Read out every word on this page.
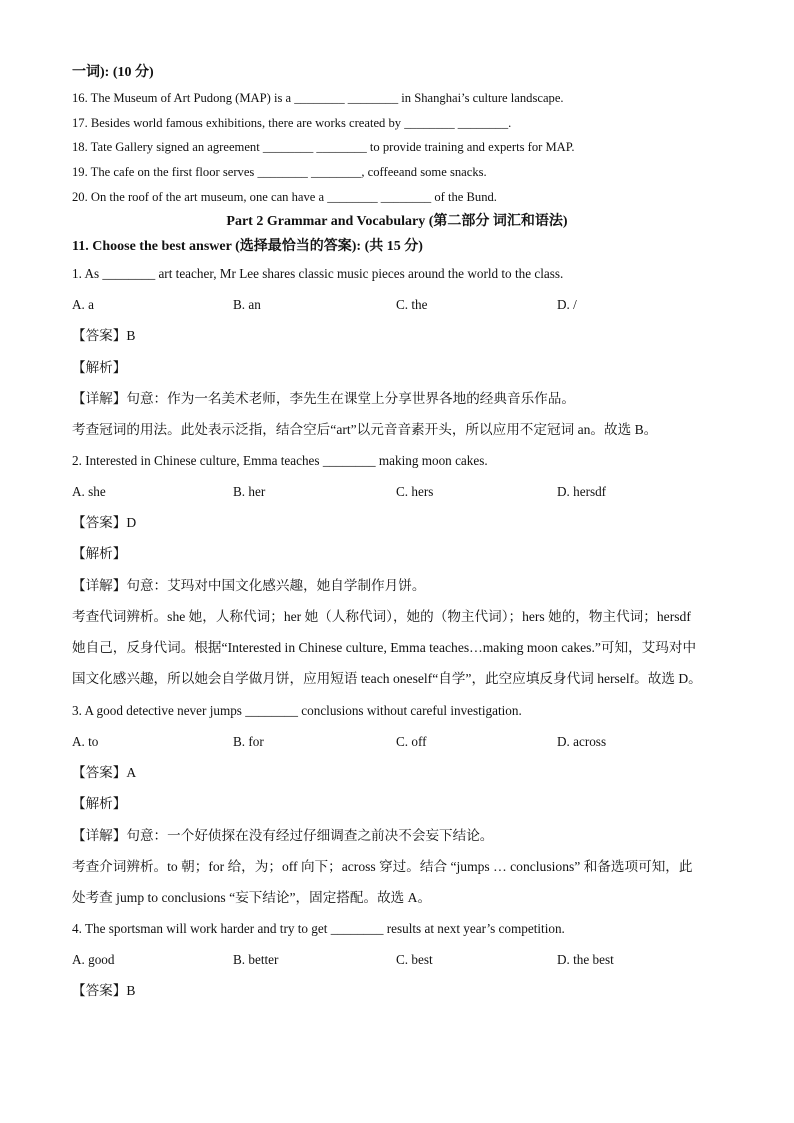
一词): (10 分)
16. The Museum of Art Pudong (MAP) is a ________ ________ in Shanghai’s culture landscape.
17. Besides world famous exhibitions, there are works created by ________ ________.
18. Tate Gallery signed an agreement ________ ________ to provide training and experts for MAP.
19. The cafe on the first floor serves ________ ________, coffeeand some snacks.
20. On the roof of the art museum, one can have a ________ ________ of the Bund.
Part 2 Grammar and Vocabulary (第二部分 词汇和语法)
11. Choose the best answer (选择最恰当的答案): (共 15 分)
1. As ________ art teacher, Mr Lee shares classic music pieces around the world to the class.
A. a	B. an	C. the	D. /
【答案】B
【解析】
【详解】句意：作为一名美术老师，李先生在课堂上分享世界各地的经典音乐作品。
考查冠词的用法。此处表示泛指，结合空后“art”以元音音素开头，所以应用不定冠词 an。故选 B。
2. Interested in Chinese culture, Emma teaches ________ making moon cakes.
A. she	B. her	C. hers	D. hersdf
【答案】D
【解析】
【详解】句意：艾玛对中国文化感兴趣，她自学制作月饼。
考查代词辨析。she 她，人称代词；her 她（人称代词），她的（物主代词）；hers 她的，物主代词；hersdf
她自己，反身代词。根据“Interested in Chinese culture, Emma teaches…making moon cakes.”可知，艾玛对中
国文化感兴趣，所以她会自学做月饼，应用短语 teach oneself“自学”，此空应填反身代词 herself。故选 D。
3. A good detective never jumps ________ conclusions without careful investigation.
A. to	B. for	C. off	D. across
【答案】A
【解析】
【详解】句意：一个好侦探在没有经过仔细调查之前决不会妄下结论。
考查介词辨析。to 朝；for 给，为；off 向下；across 穿过。结合 “jumps … conclusions” 和备选项可知，此
处考查 jump to conclusions “妄下结论”，固定搭配。故选 A。
4. The sportsman will work harder and try to get ________ results at next year’s competition.
A. good	B. better	C. best	D. the best
【答案】B
